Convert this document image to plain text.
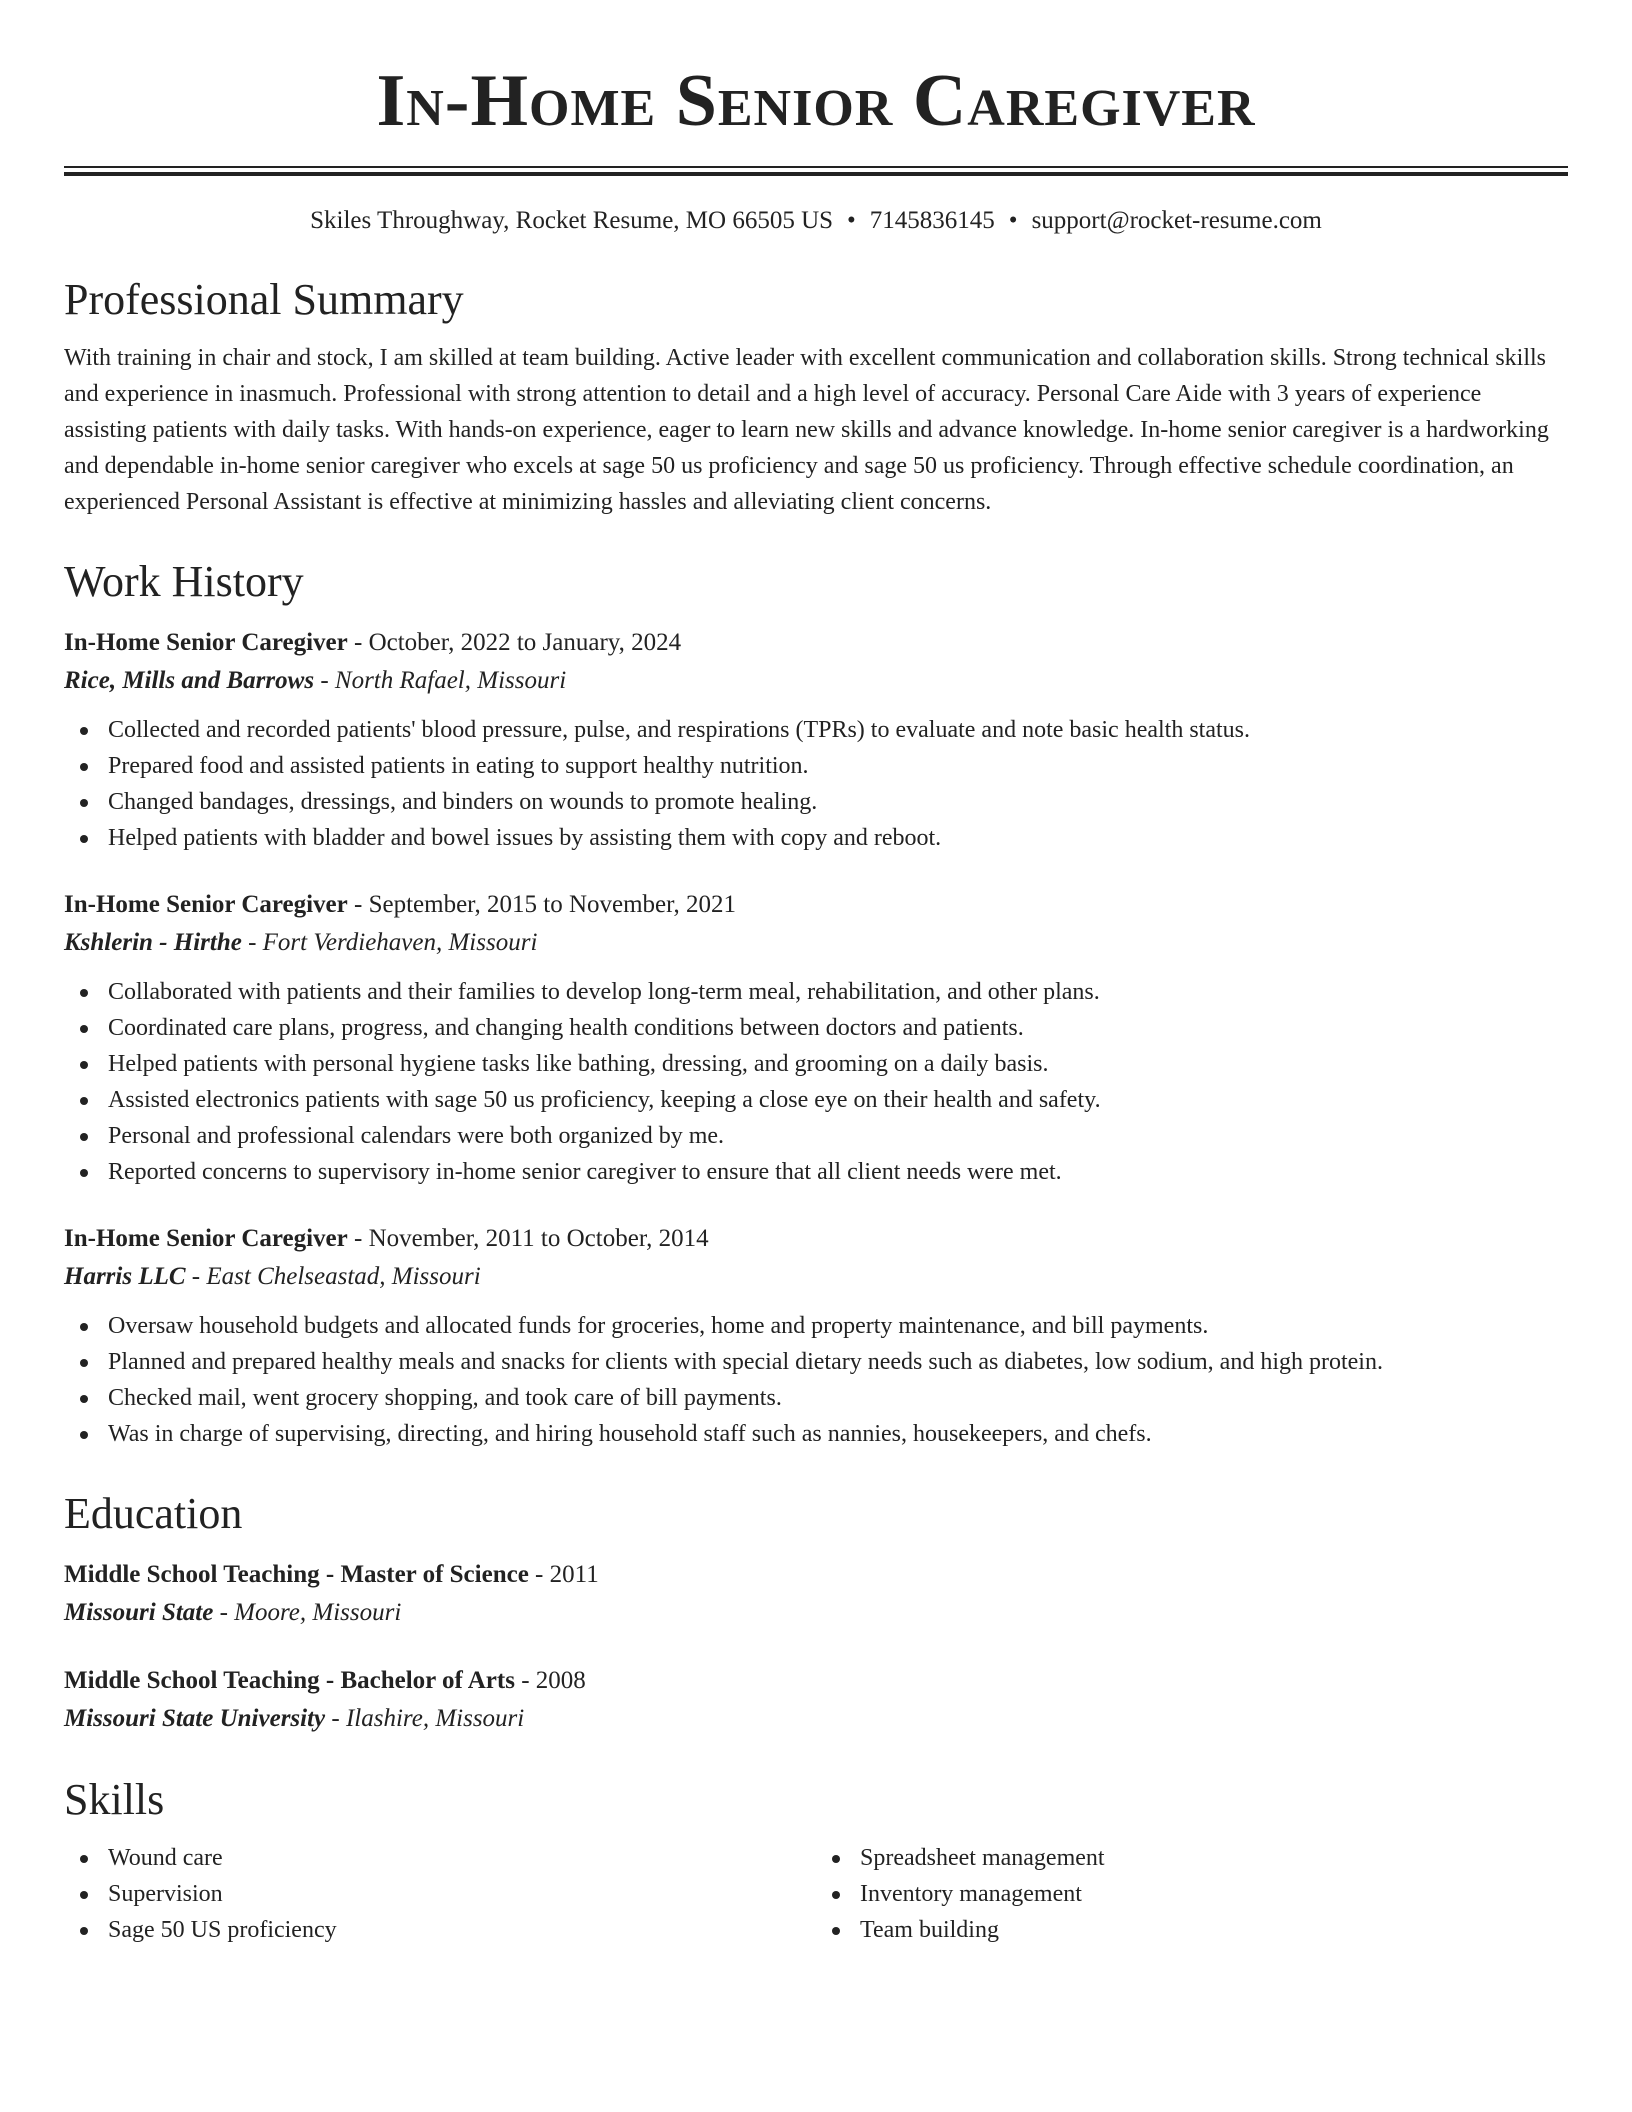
In-Home Senior Caregiver
Skiles Throughway, Rocket Resume, MO 66505 US • 7145836145 • support@rocket-resume.com
Professional Summary

With training in chair and stock, I am skilled at team building. Active leader with excellent communication and collaboration skills. Strong technical skills and experience in inasmuch. Professional with strong attention to detail and a high level of accuracy. Personal Care Aide with 3 years of experience assisting patients with daily tasks. With hands-on experience, eager to learn new skills and advance knowledge. In-home senior caregiver is a hardworking and dependable in-home senior caregiver who excels at sage 50 us proficiency and sage 50 us proficiency. Through effective schedule coordination, an experienced Personal Assistant is effective at minimizing hassles and alleviating client concerns.

Work History
In-Home Senior Caregiver - October, 2022 to January, 2024
Rice, Mills and Barrows - North Rafael, Missouri
Collected and recorded patients' blood pressure, pulse, and respirations (TPRs) to evaluate and note basic health status.
Prepared food and assisted patients in eating to support healthy nutrition.
Changed bandages, dressings, and binders on wounds to promote healing.
Helped patients with bladder and bowel issues by assisting them with copy and reboot.
In-Home Senior Caregiver - September, 2015 to November, 2021
Kshlerin - Hirthe - Fort Verdiehaven, Missouri
Collaborated with patients and their families to develop long-term meal, rehabilitation, and other plans.
Coordinated care plans, progress, and changing health conditions between doctors and patients.
Helped patients with personal hygiene tasks like bathing, dressing, and grooming on a daily basis.
Assisted electronics patients with sage 50 us proficiency, keeping a close eye on their health and safety.
Personal and professional calendars were both organized by me.
Reported concerns to supervisory in-home senior caregiver to ensure that all client needs were met.
In-Home Senior Caregiver - November, 2011 to October, 2014
Harris LLC - East Chelseastad, Missouri
Oversaw household budgets and allocated funds for groceries, home and property maintenance, and bill payments.
Planned and prepared healthy meals and snacks for clients with special dietary needs such as diabetes, low sodium, and high protein.
Checked mail, went grocery shopping, and took care of bill payments.
Was in charge of supervising, directing, and hiring household staff such as nannies, housekeepers, and chefs.
Education
Middle School Teaching - Master of Science - 2011
Missouri State - Moore, Missouri
Middle School Teaching - Bachelor of Arts - 2008
Missouri State University - Ilashire, Missouri
Skills
Wound care
Supervision
Sage 50 US proficiency
Spreadsheet management
Inventory management
Team building
